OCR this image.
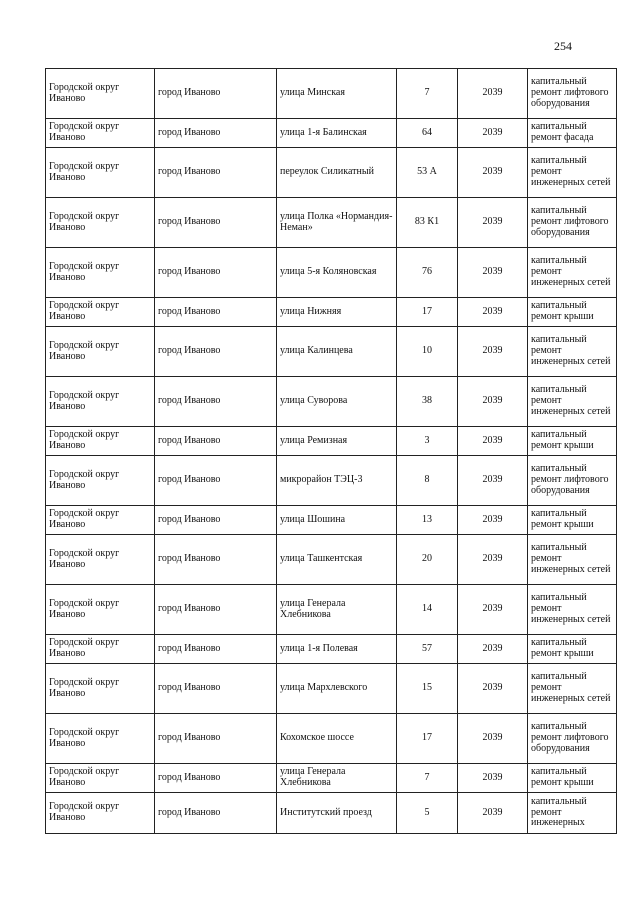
254
Городской округ Иваново	город Иваново	улица Минская	7	2039	капитальный ремонт лифтового оборудования

Городской округ Иваново	город Иваново	улица 1-я Балинская	64	2039	капитальный ремонт фасада

Городской округ Иваново	город Иваново	переулок Силикатный	53 А	2039	капитальный ремонт инженерных сетей

Городской округ Иваново	город Иваново	улица Полка «Нормандия-Неман»	83 К1	2039	капитальный ремонт лифтового оборудования

Городской округ Иваново	город Иваново	улица 5-я Коляновская	76	2039	капитальный ремонт инженерных сетей

Городской округ Иваново	город Иваново	улица Нижняя	17	2039	капитальный ремонт крыши

Городской округ Иваново	город Иваново	улица Калинцева	10	2039	капитальный ремонт инженерных сетей

Городской округ Иваново	город Иваново	улица Суворова	38	2039	капитальный ремонт инженерных сетей

Городской округ Иваново	город Иваново	улица Ремизная	3	2039	капитальный ремонт крыши

Городской округ Иваново	город Иваново	микрорайон ТЭЦ-3	8	2039	капитальный ремонт лифтового оборудования

Городской округ Иваново	город Иваново	улица Шошина	13	2039	капитальный ремонт крыши

Городской округ Иваново	город Иваново	улица Ташкентская	20	2039	капитальный ремонт инженерных сетей

Городской округ Иваново	город Иваново	улица Генерала Хлебникова	14	2039	капитальный ремонт инженерных сетей

Городской округ Иваново	город Иваново	улица 1-я Полевая	57	2039	капитальный ремонт крыши

Городской округ Иваново	город Иваново	улица Мархлевского	15	2039	капитальный ремонт инженерных сетей

Городской округ Иваново	город Иваново	Кохомское шоссе	17	2039	капитальный ремонт лифтового оборудования

Городской округ Иваново	город Иваново	улица Генерала Хлебникова	7	2039	капитальный ремонт крыши

Городской округ Иваново	город Иваново	Институтский проезд	5	2039	капитальный ремонт инженерных
